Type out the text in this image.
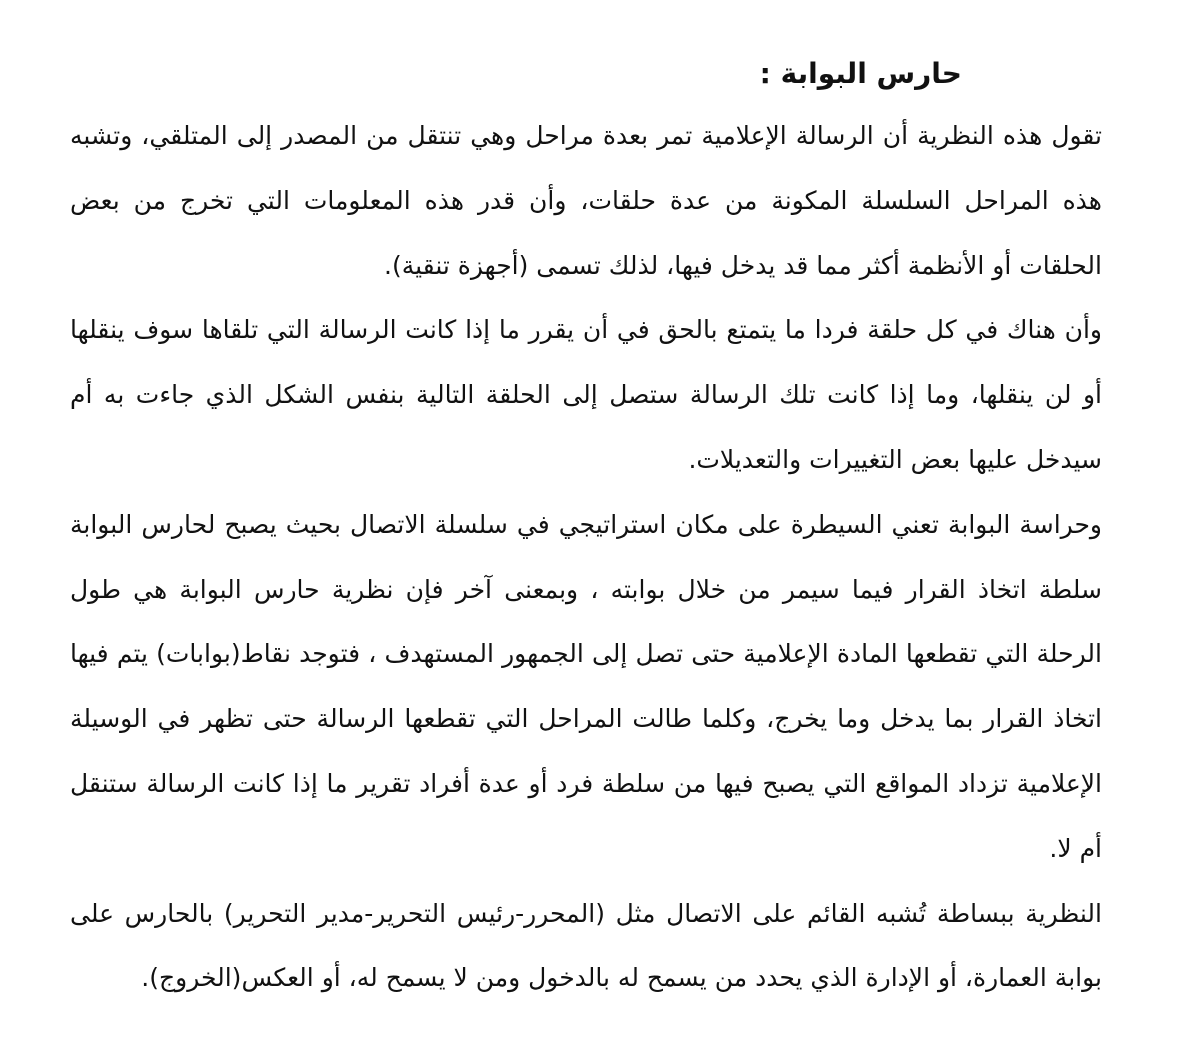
حارس البوابة :

تقول هذه النظرية أن الرسالة الإعلامية تمر بعدة مراحل وهي تنتقل من المصدر إلى المتلقي، وتشبه هذه المراحل السلسلة المكونة من عدة حلقات، وأن قدر هذه المعلومات التي تخرج من بعض الحلقات أو الأنظمة أكثر مما قد يدخل فيها، لذلك تسمى (أجهزة تنقية).

وأن هناك في كل حلقة فردا ما يتمتع بالحق في أن يقرر ما إذا كانت الرسالة التي تلقاها سوف ينقلها أو لن ينقلها، وما إذا كانت تلك الرسالة ستصل إلى الحلقة التالية بنفس الشكل الذي جاءت به أم سيدخل عليها بعض التغييرات والتعديلات.

وحراسة البوابة تعني السيطرة على مكان استراتيجي في سلسلة الاتصال بحيث يصبح لحارس البوابة سلطة اتخاذ القرار فيما سيمر من خلال بوابته ، وبمعنى آخر فإن نظرية حارس البوابة هي طول الرحلة التي تقطعها المادة الإعلامية حتى تصل إلى الجمهور المستهدف ، فتوجد نقاط(بوابات) يتم فيها اتخاذ القرار بما يدخل وما يخرج، وكلما طالت المراحل التي تقطعها الرسالة حتى تظهر في الوسيلة الإعلامية تزداد المواقع التي يصبح فيها من سلطة فرد أو عدة أفراد تقرير ما إذا كانت الرسالة ستنقل أم لا.

النظرية ببساطة تُشبه القائم على الاتصال مثل (المحرر-رئيس التحرير-مدير التحرير) بالحارس على بوابة العمارة، أو الإدارة الذي يحدد من يسمح له بالدخول ومن لا يسمح له، أو العكس(الخروج).
